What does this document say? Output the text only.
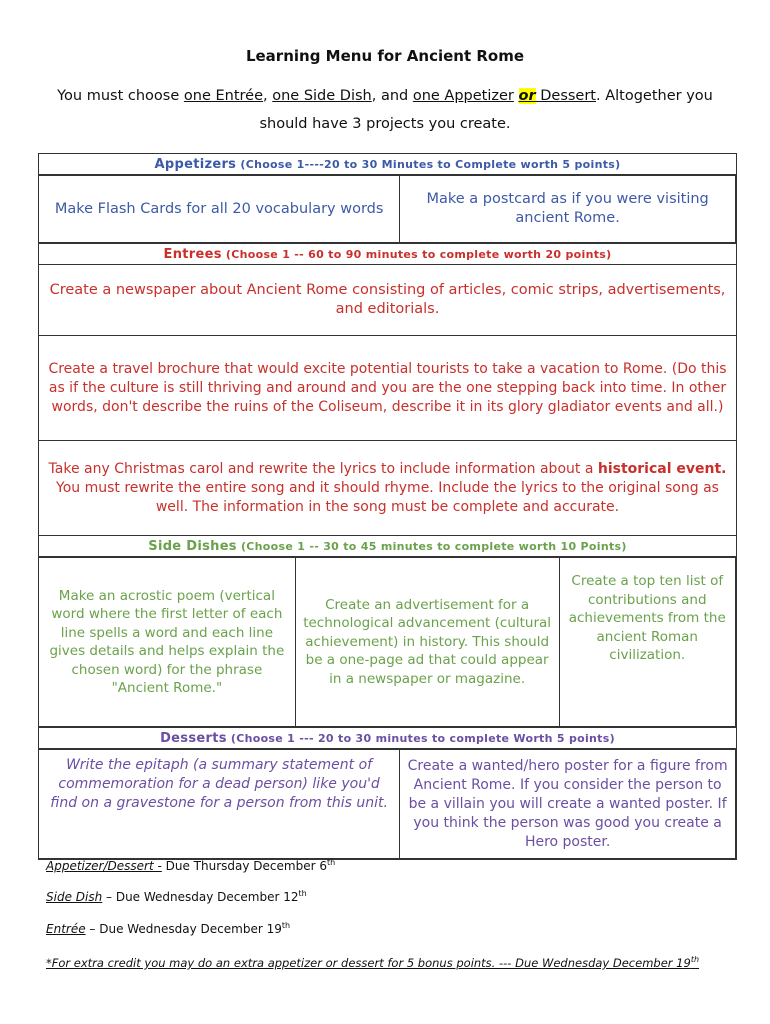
Learning Menu for Ancient Rome
You must choose one Entrée, one Side Dish, and one Appetizer or Dessert. Altogether you should have 3 projects you create.
Appetizers (Choose 1----20 to 30 Minutes to Complete worth 5 points)

Make Flash Cards for all 20 vocabulary words	Make a postcard as if you were visiting ancient Rome.

Entrees (Choose 1 -- 60 to 90 minutes to complete worth 20 points)
Create a newspaper about Ancient Rome consisting of articles, comic strips, advertisements, and editorials.
Create a travel brochure that would excite potential tourists to take a vacation to Rome. (Do this as if the culture is still thriving and around and you are the one stepping back into time. In other words, don't describe the ruins of the Coliseum, describe it in its glory gladiator events and all.)
Take any Christmas carol and rewrite the lyrics to include information about a historical event. You must rewrite the entire song and it should rhyme. Include the lyrics to the original song as well. The information in the song must be complete and accurate.
Side Dishes (Choose 1 -- 30 to 45 minutes to complete worth 10 Points)

Make an acrostic poem (vertical word where the first letter of each line spells a word and each line gives details and helps explain the chosen word) for the phrase "Ancient Rome."	Create an advertisement for a technological advancement (cultural achievement) in history. This should be a one-page ad that could appear in a newspaper or magazine.	Create a top ten list of contributions and achievements from the ancient Roman civilization.

Desserts (Choose 1 --- 20 to 30 minutes to complete Worth 5 points)

Write the epitaph (a summary statement of commemoration for a dead person) like you'd find on a gravestone for a person from this unit.	Create a wanted/hero poster for a figure from Ancient Rome. If you consider the person to be a villain you will create a wanted poster. If you think the person was good you create a Hero poster.
Appetizer/Dessert - Due Thursday December 6th
Side Dish – Due Wednesday December 12th
Entrée – Due Wednesday December 19th
*For extra credit you may do an extra appetizer or dessert for 5 bonus points. --- Due Wednesday December 19th
